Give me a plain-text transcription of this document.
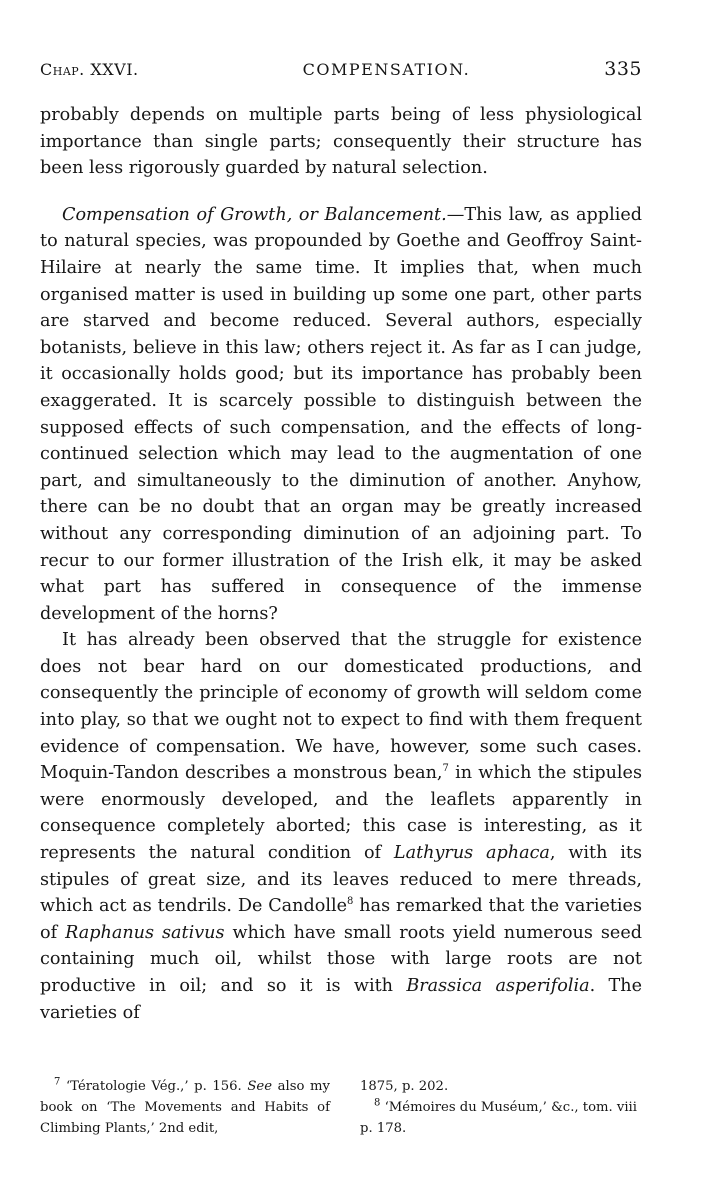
Chap. XXVI.	COMPENSATION.	335

probably depends on multiple parts being of less physiological importance than single parts; consequently their structure has been less rigorously guarded by natural selection.

Compensation of Growth, or Balancement.—This law, as applied to natural species, was propounded by Goethe and Geoffroy Saint-Hilaire at nearly the same time. It implies that, when much organised matter is used in building up some one part, other parts are starved and become reduced. Several authors, especially botanists, believe in this law; others reject it. As far as I can judge, it occasionally holds good; but its importance has probably been exaggerated. It is scarcely possible to distinguish between the supposed effects of such compensation, and the effects of long-continued selection which may lead to the augmentation of one part, and simultaneously to the diminution of another. Anyhow, there can be no doubt that an organ may be greatly increased without any corresponding diminution of an adjoining part. To recur to our former illustration of the Irish elk, it may be asked what part has suffered in consequence of the immense development of the horns?

It has already been observed that the struggle for existence does not bear hard on our domesticated productions, and consequently the principle of economy of growth will seldom come into play, so that we ought not to expect to find with them frequent evidence of compensation. We have, however, some such cases. Moquin-Tandon describes a monstrous bean,$^7$ in which the stipules were enormously developed, and the leaflets apparently in consequence completely aborted; this case is interesting, as it represents the natural condition of Lathyrus aphaca, with its stipules of great size, and its leaves reduced to mere threads, which act as tendrils. De Candolle$^8$ has remarked that the varieties of Raphanus sativus which have small roots yield numerous seed containing much oil, whilst those with large roots are not productive in oil; and so it is with Brassica asperifolia. The varieties of

$^7$ ‘Tératologie Vég.,’ p. 156. See also my book on ‘The Movements and Habits of Climbing Plants,’ 2nd edit,

1875, p. 202.

$^8$ ‘Mémoires du Muséum,’ &c., tom. viii p. 178.
